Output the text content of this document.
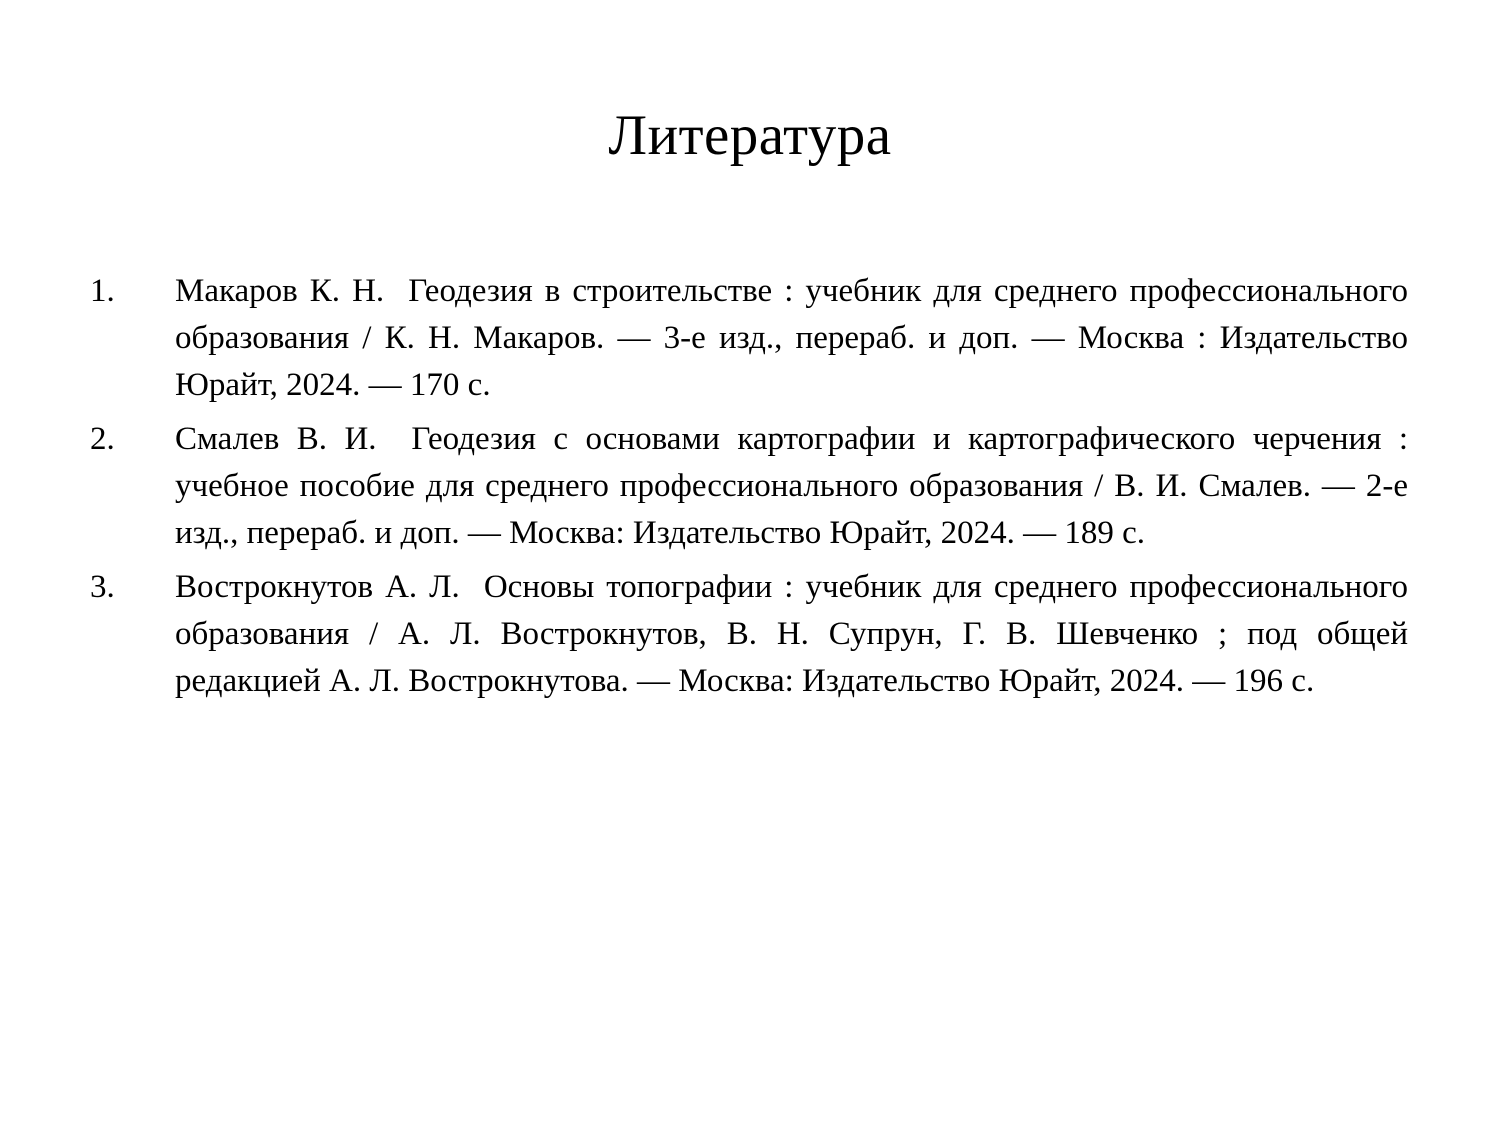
Литература
1.	Макаров К. Н.  Геодезия в строительстве : учебник для среднего профессионального образования / К. Н. Макаров. — 3-е изд., перераб. и доп. — Москва : Издательство Юрайт, 2024. — 170 с.
2.	Смалев В. И.  Геодезия с основами картографии и картографического черчения : учебное пособие для среднего профессионального образования / В. И. Смалев. — 2-е изд., перераб. и доп. — Москва: Издательство Юрайт, 2024. — 189 с.
3.	Вострокнутов А. Л.  Основы топографии : учебник для среднего профессионального образования / А. Л. Вострокнутов, В. Н. Супрун, Г. В. Шевченко ; под общей редакцией А. Л. Вострокнутова. — Москва: Издательство Юрайт, 2024. — 196 с.
